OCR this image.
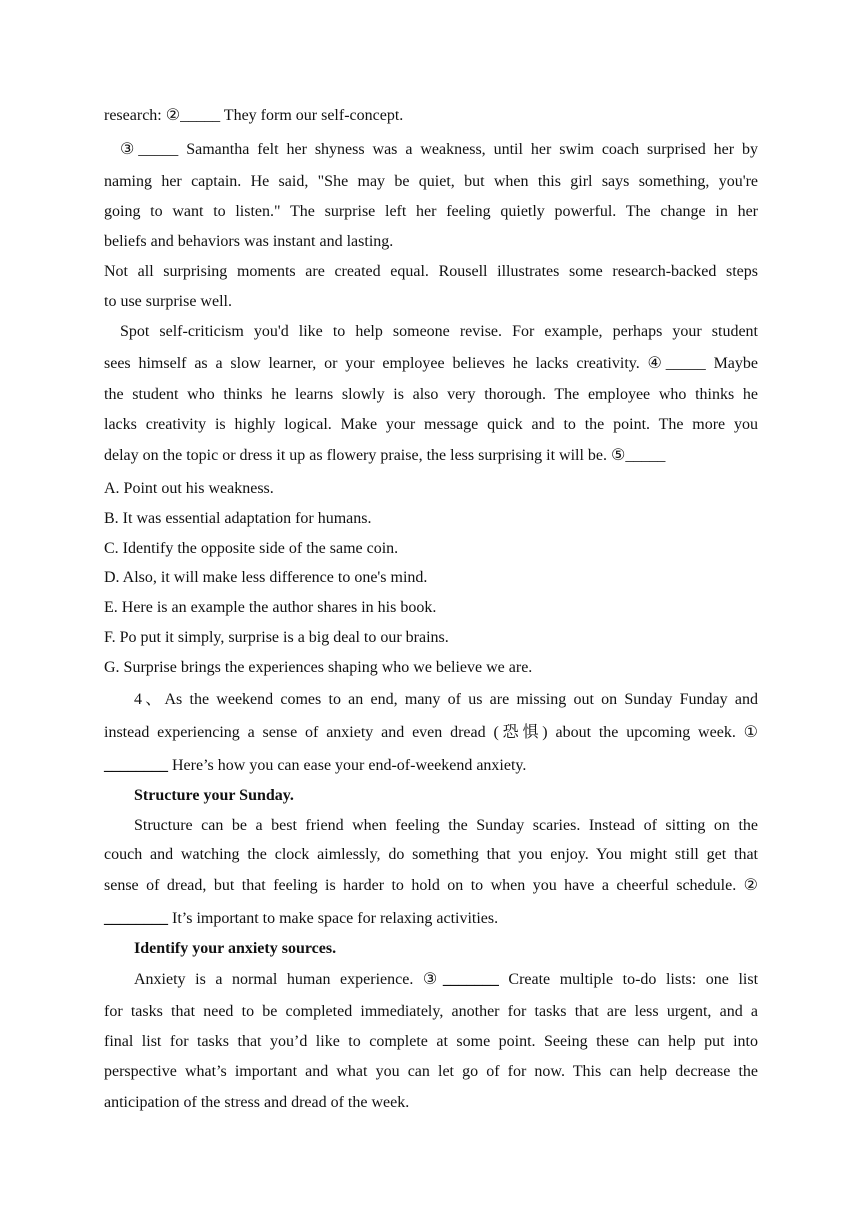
research: ②_____ They form our self-concept.

③_____ Samantha felt her shyness was a weakness, until her swim coach surprised her by

naming her captain. He said, "She may be quiet, but when this girl says something, you're

going to want to listen." The surprise left her feeling quietly powerful. The change in her

beliefs and behaviors was instant and lasting.

Not all surprising moments are created equal. Rousell illustrates some research-backed steps

to use surprise well.

Spot self-criticism you'd like to help someone revise. For example, perhaps your student

sees himself as a slow learner, or your employee believes he lacks creativity. ④_____ Maybe

the student who thinks he learns slowly is also very thorough. The employee who thinks he

lacks creativity is highly logical. Make your message quick and to the point. The more you

delay on the topic or dress it up as flowery praise, the less surprising it will be. ⑤_____

A. Point out his weakness.

B. It was essential adaptation for humans.

C. Identify the opposite side of the same coin.

D. Also, it will make less difference to one's mind.

E. Here is an example the author shares in his book.

F. Po put it simply, surprise is a big deal to our brains.

G. Surprise brings the experiences shaping who we believe we are.

4、As the weekend comes to an end, many of us are missing out on Sunday Funday and

instead experiencing a sense of anxiety and even dread (恐惧) about the upcoming week. ①

________ Here’s how you can ease your end-of-weekend anxiety.

Structure your Sunday.

Structure can be a best friend when feeling the Sunday scaries. Instead of sitting on the

couch and watching the clock aimlessly, do something that you enjoy. You might still get that

sense of dread, but that feeling is harder to hold on to when you have a cheerful schedule. ②

________ It’s important to make space for relaxing activities.

Identify your anxiety sources.

Anxiety is a normal human experience. ③_______ Create multiple to-do lists: one list

for tasks that need to be completed immediately, another for tasks that are less urgent, and a

final list for tasks that you’d like to complete at some point. Seeing these can help put into

perspective what’s important and what you can let go of for now. This can help decrease the

anticipation of the stress and dread of the week.
